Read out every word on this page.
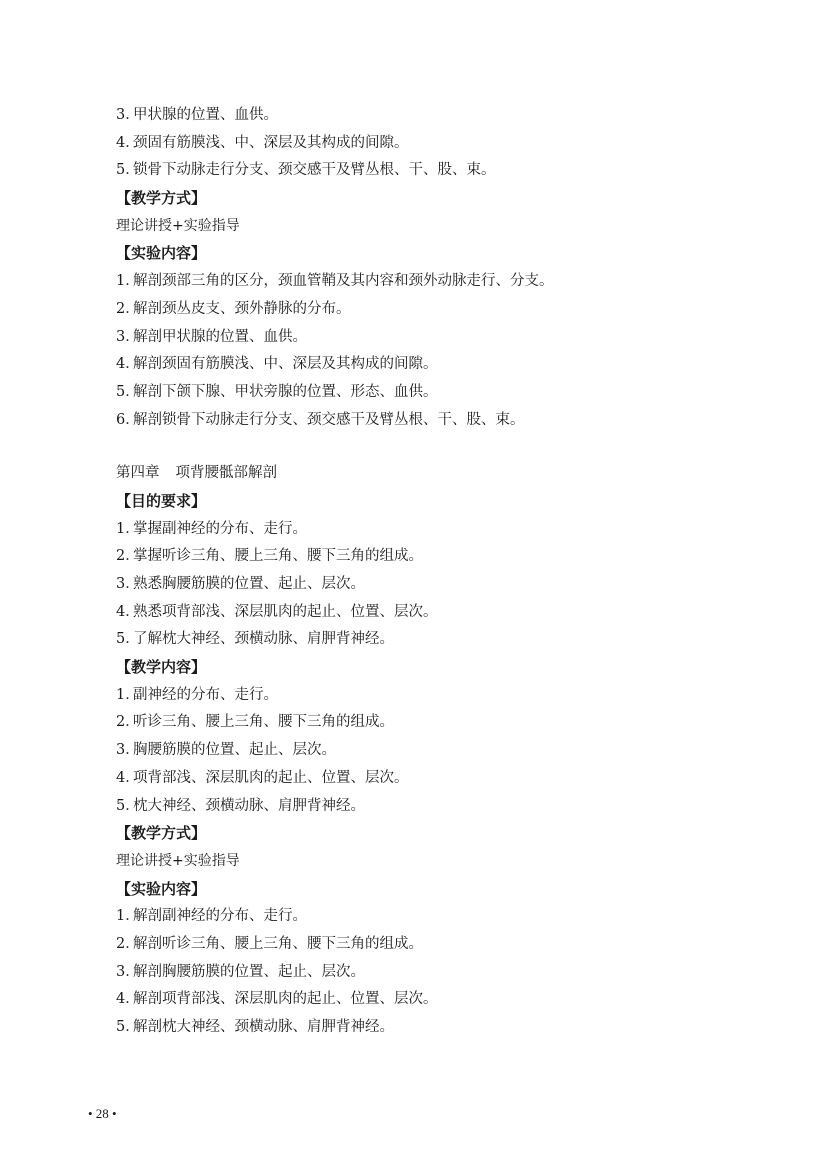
3．甲状腺的位置、血供。
4．颈固有筋膜浅、中、深层及其构成的间隙。
5．锁骨下动脉走行分支、颈交感干及臂丛根、干、股、束。
【教学方式】
理论讲授+实验指导
【实验内容】
1．解剖颈部三角的区分，颈血管鞘及其内容和颈外动脉走行、分支。
2．解剖颈丛皮支、颈外静脉的分布。
3．解剖甲状腺的位置、血供。
4．解剖颈固有筋膜浅、中、深层及其构成的间隙。
5．解剖下颌下腺、甲状旁腺的位置、形态、血供。
6．解剖锁骨下动脉走行分支、颈交感干及臂丛根、干、股、束。
第四章 项背腰骶部解剖
【目的要求】
1．掌握副神经的分布、走行。
2．掌握听诊三角、腰上三角、腰下三角的组成。
3．熟悉胸腰筋膜的位置、起止、层次。
4．熟悉项背部浅、深层肌肉的起止、位置、层次。
5．了解枕大神经、颈横动脉、肩胛背神经。
【教学内容】
1．副神经的分布、走行。
2．听诊三角、腰上三角、腰下三角的组成。
3．胸腰筋膜的位置、起止、层次。
4．项背部浅、深层肌肉的起止、位置、层次。
5．枕大神经、颈横动脉、肩胛背神经。
【教学方式】
理论讲授+实验指导
【实验内容】
1．解剖副神经的分布、走行。
2．解剖听诊三角、腰上三角、腰下三角的组成。
3．解剖胸腰筋膜的位置、起止、层次。
4．解剖项背部浅、深层肌肉的起止、位置、层次。
5．解剖枕大神经、颈横动脉、肩胛背神经。
• 28 •
